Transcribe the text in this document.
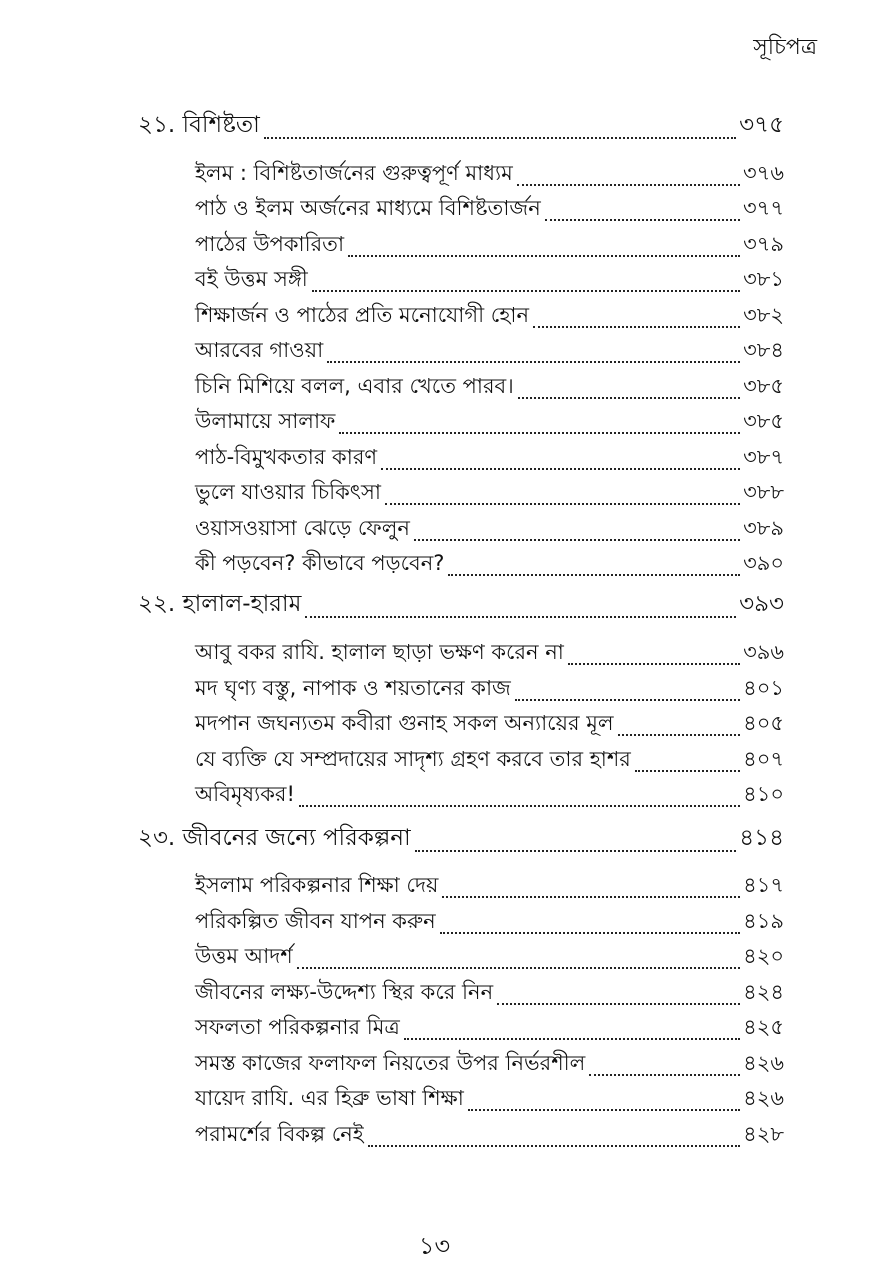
সূচিপত্র
২১. বিশিষ্টতা	৩৭৫
ইলম : বিশিষ্টতার্জনের গুরুত্বপূর্ণ মাধ্যম	৩৭৬
পাঠ ও ইলম অর্জনের মাধ্যমে বিশিষ্টতার্জন	৩৭৭
পাঠের উপকারিতা	৩৭৯
বই উত্তম সঙ্গী	৩৮১
শিক্ষার্জন ও পাঠের প্রতি মনোযোগী হোন	৩৮২
আরবের গাওয়া	৩৮৪
চিনি মিশিয়ে বলল, এবার খেতে পারব।	৩৮৫
উলামায়ে সালাফ	৩৮৫
পাঠ-বিমুখকতার কারণ	৩৮৭
ভুলে যাওয়ার চিকিৎসা	৩৮৮
ওয়াসওয়াসা ঝেড়ে ফেলুন	৩৮৯
কী পড়বেন? কীভাবে পড়বেন?	৩৯০
২২. হালাল-হারাম	৩৯৩
আবু বকর রাযি. হালাল ছাড়া ভক্ষণ করেন না	৩৯৬
মদ ঘৃণ্য বস্তু, নাপাক ও শয়তানের কাজ	৪০১
মদপান জঘন্যতম কবীরা গুনাহ সকল অন্যায়ের মূল	৪০৫
যে ব্যক্তি যে সম্প্রদায়ের সাদৃশ্য গ্রহণ করবে তার হাশর	৪০৭
অবিমৃষ্যকর!	৪১০
২৩. জীবনের জন্যে পরিকল্পনা	৪১৪
ইসলাম পরিকল্পনার শিক্ষা দেয়	৪১৭
পরিকল্পিত জীবন যাপন করুন	৪১৯
উত্তম আদর্শ	৪২০
জীবনের লক্ষ্য-উদ্দেশ্য স্থির করে নিন	৪২৪
সফলতা পরিকল্পনার মিত্র	৪২৫
সমস্ত কাজের ফলাফল নিয়তের উপর নির্ভরশীল	৪২৬
যায়েদ রাযি. এর হিব্রু ভাষা শিক্ষা	৪২৬
পরামর্শের বিকল্প নেই	৪২৮
১৩
